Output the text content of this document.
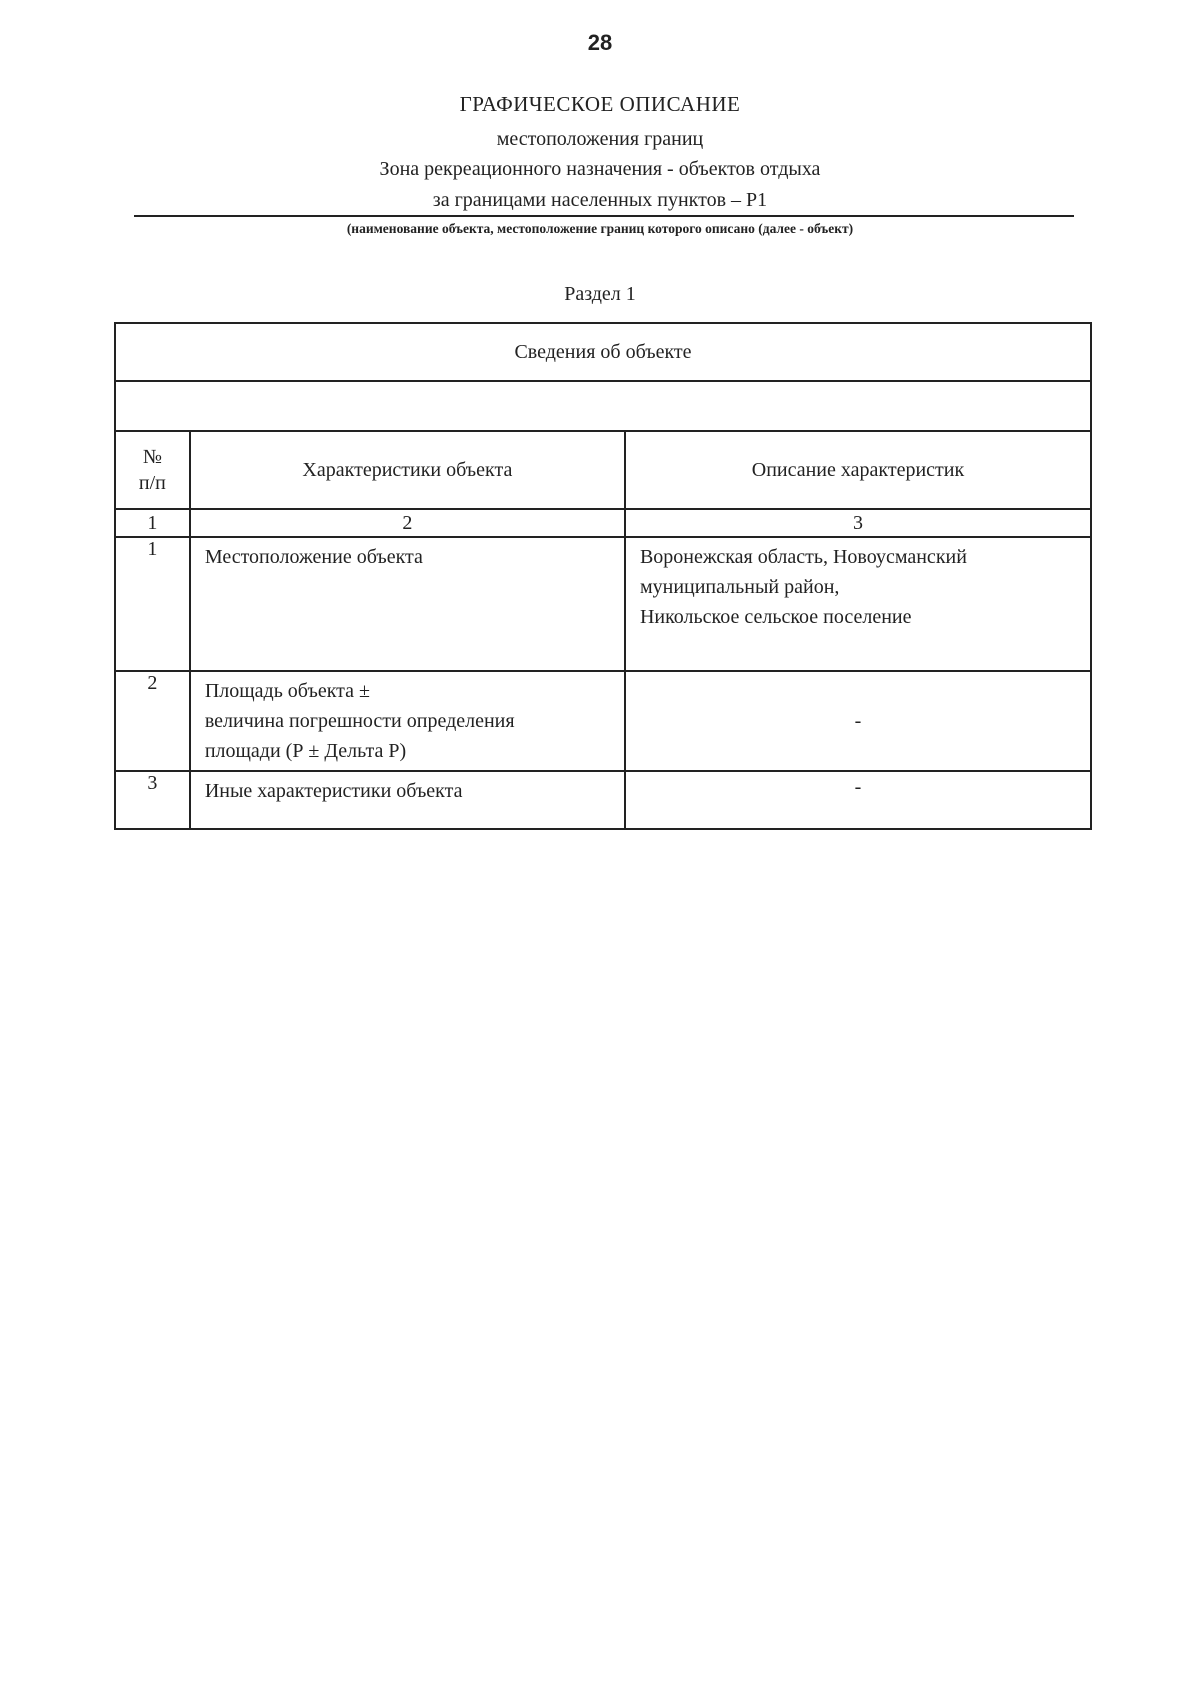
28
ГРАФИЧЕСКОЕ ОПИСАНИЕ
местоположения границ
Зона рекреационного назначения - объектов отдыха
за границами населенных пунктов – Р1
(наименование объекта, местоположение границ которого описано (далее - объект)
Раздел 1
Сведения об объекте		

№
п/п	Характеристики объекта	Описание характеристик
1	2	3
1	Местоположение объекта	Воронежская область, Новоусманский
муниципальный район,
Никольское сельское поселение

2	Площадь объекта ±
величина погрешности определения
площади (Р ± Дельта Р)	-
3	Иные характеристики объекта	-
